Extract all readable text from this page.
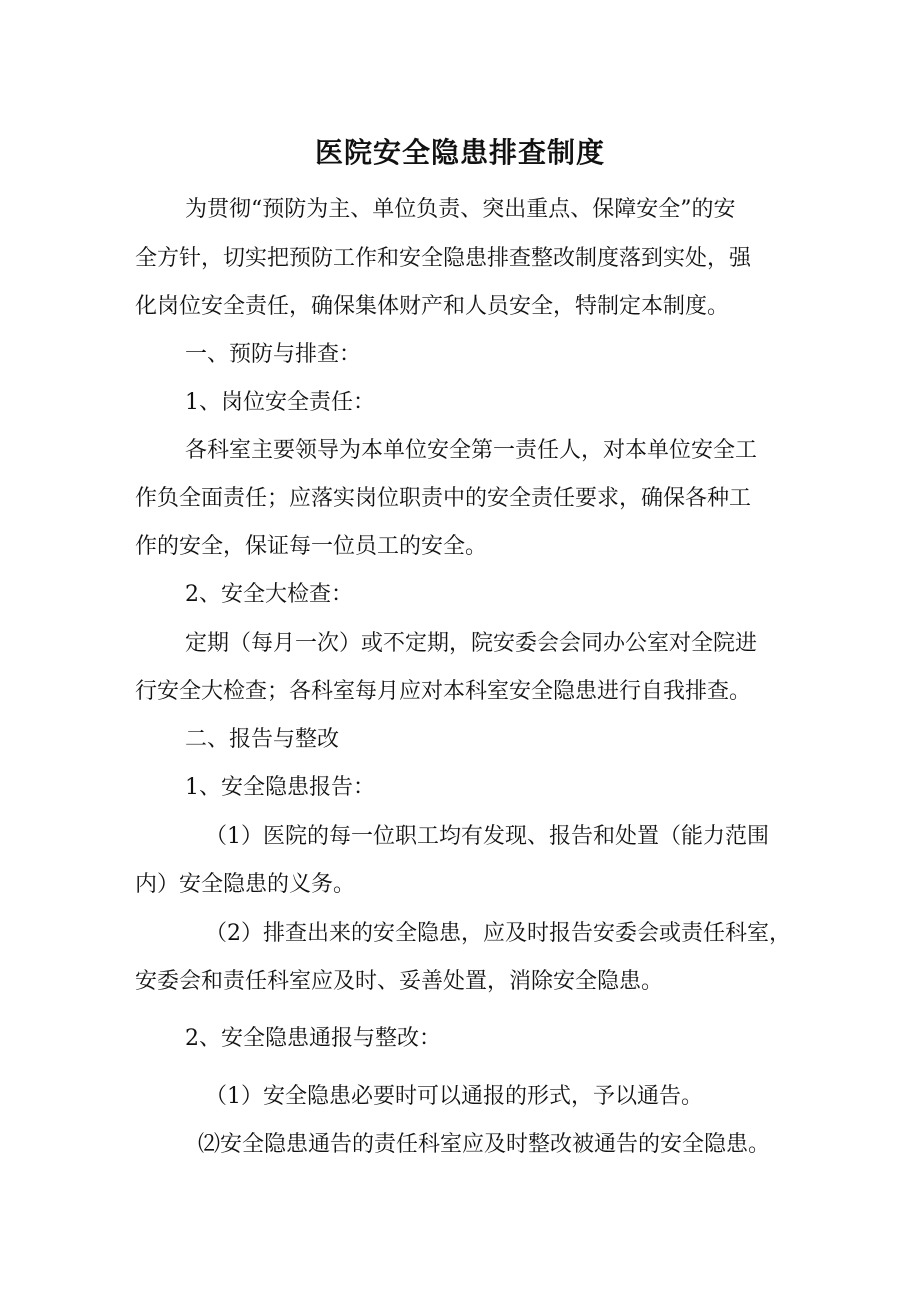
医院安全隐患排查制度
为贯彻“预防为主、单位负责、突出重点、保障安全”的安
全方针，切实把预防工作和安全隐患排查整改制度落到实处，强
化岗位安全责任，确保集体财产和人员安全，特制定本制度。
一、预防与排查：
1、岗位安全责任：
各科室主要领导为本单位安全第一责任人，对本单位安全工
作负全面责任；应落实岗位职责中的安全责任要求，确保各种工
作的安全，保证每一位员工的安全。
2、安全大检查：
定期（每月一次）或不定期，院安委会会同办公室对全院进
行安全大检查；各科室每月应对本科室安全隐患进行自我排查。
二、报告与整改
1、安全隐患报告：
（1）医院的每一位职工均有发现、报告和处置（能力范围
内）安全隐患的义务。
（2）排查出来的安全隐患，应及时报告安委会或责任科室，
安委会和责任科室应及时、妥善处置，消除安全隐患。
2、安全隐患通报与整改：
（1）安全隐患必要时可以通报的形式，予以通告。
⑵安全隐患通告的责任科室应及时整改被通告的安全隐患。
